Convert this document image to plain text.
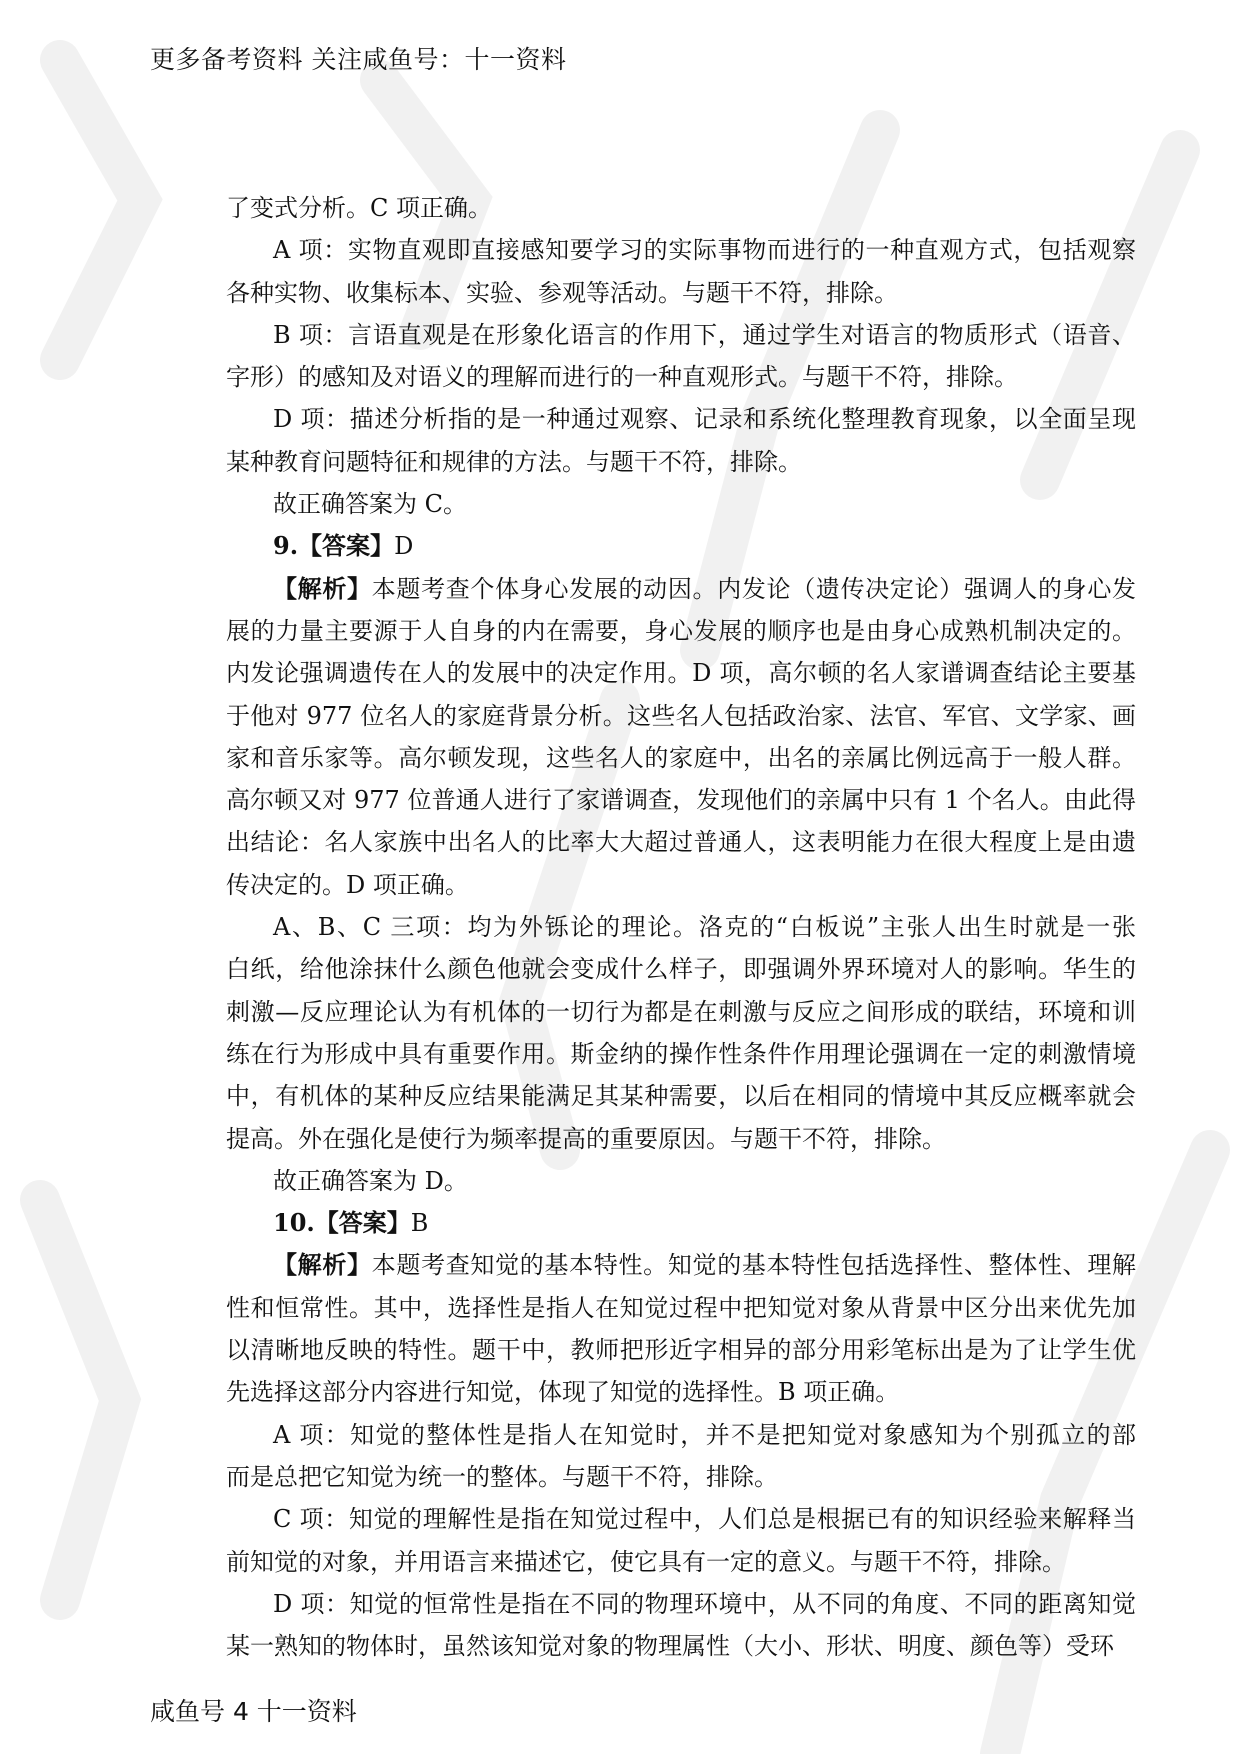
更多备考资料 关注咸鱼号：十一资料
了变式分析。C 项正确。
A 项：实物直观即直接感知要学习的实际事物而进行的一种直观方式，包括观察
各种实物、收集标本、实验、参观等活动。与题干不符，排除。
B 项：言语直观是在形象化语言的作用下，通过学生对语言的物质形式（语音、
字形）的感知及对语义的理解而进行的一种直观形式。与题干不符，排除。
D 项：描述分析指的是一种通过观察、记录和系统化整理教育现象，以全面呈现
某种教育问题特征和规律的方法。与题干不符，排除。
故正确答案为 C。
9.【答案】D
【解析】本题考查个体身心发展的动因。内发论（遗传决定论）强调人的身心发
展的力量主要源于人自身的内在需要，身心发展的顺序也是由身心成熟机制决定的。
内发论强调遗传在人的发展中的决定作用。D 项，高尔顿的名人家谱调查结论主要基
于他对 977 位名人的家庭背景分析。这些名人包括政治家、法官、军官、文学家、画
家和音乐家等。高尔顿发现，这些名人的家庭中，出名的亲属比例远高于一般人群。
高尔顿又对 977 位普通人进行了家谱调查，发现他们的亲属中只有 1 个名人。由此得
出结论：名人家族中出名人的比率大大超过普通人，这表明能力在很大程度上是由遗
传决定的。D 项正确。
A、B、C 三项：均为外铄论的理论。洛克的“白板说”主张人出生时就是一张
白纸，给他涂抹什么颜色他就会变成什么样子，即强调外界环境对人的影响。华生的
刺激—反应理论认为有机体的一切行为都是在刺激与反应之间形成的联结，环境和训
练在行为形成中具有重要作用。斯金纳的操作性条件作用理论强调在一定的刺激情境
中，有机体的某种反应结果能满足其某种需要，以后在相同的情境中其反应概率就会
提高。外在强化是使行为频率提高的重要原因。与题干不符，排除。
故正确答案为 D。
10.【答案】B
【解析】本题考查知觉的基本特性。知觉的基本特性包括选择性、整体性、理解
性和恒常性。其中，选择性是指人在知觉过程中把知觉对象从背景中区分出来优先加
以清晰地反映的特性。题干中，教师把形近字相异的部分用彩笔标出是为了让学生优
先选择这部分内容进行知觉，体现了知觉的选择性。B 项正确。
A 项：知觉的整体性是指人在知觉时，并不是把知觉对象感知为个别孤立的部
而是总把它知觉为统一的整体。与题干不符，排除。
C 项：知觉的理解性是指在知觉过程中，人们总是根据已有的知识经验来解释当
前知觉的对象，并用语言来描述它，使它具有一定的意义。与题干不符，排除。
D 项：知觉的恒常性是指在不同的物理环境中，从不同的角度、不同的距离知觉
某一熟知的物体时，虽然该知觉对象的物理属性（大小、形状、明度、颜色等）受环
咸鱼号 4 十一资料
